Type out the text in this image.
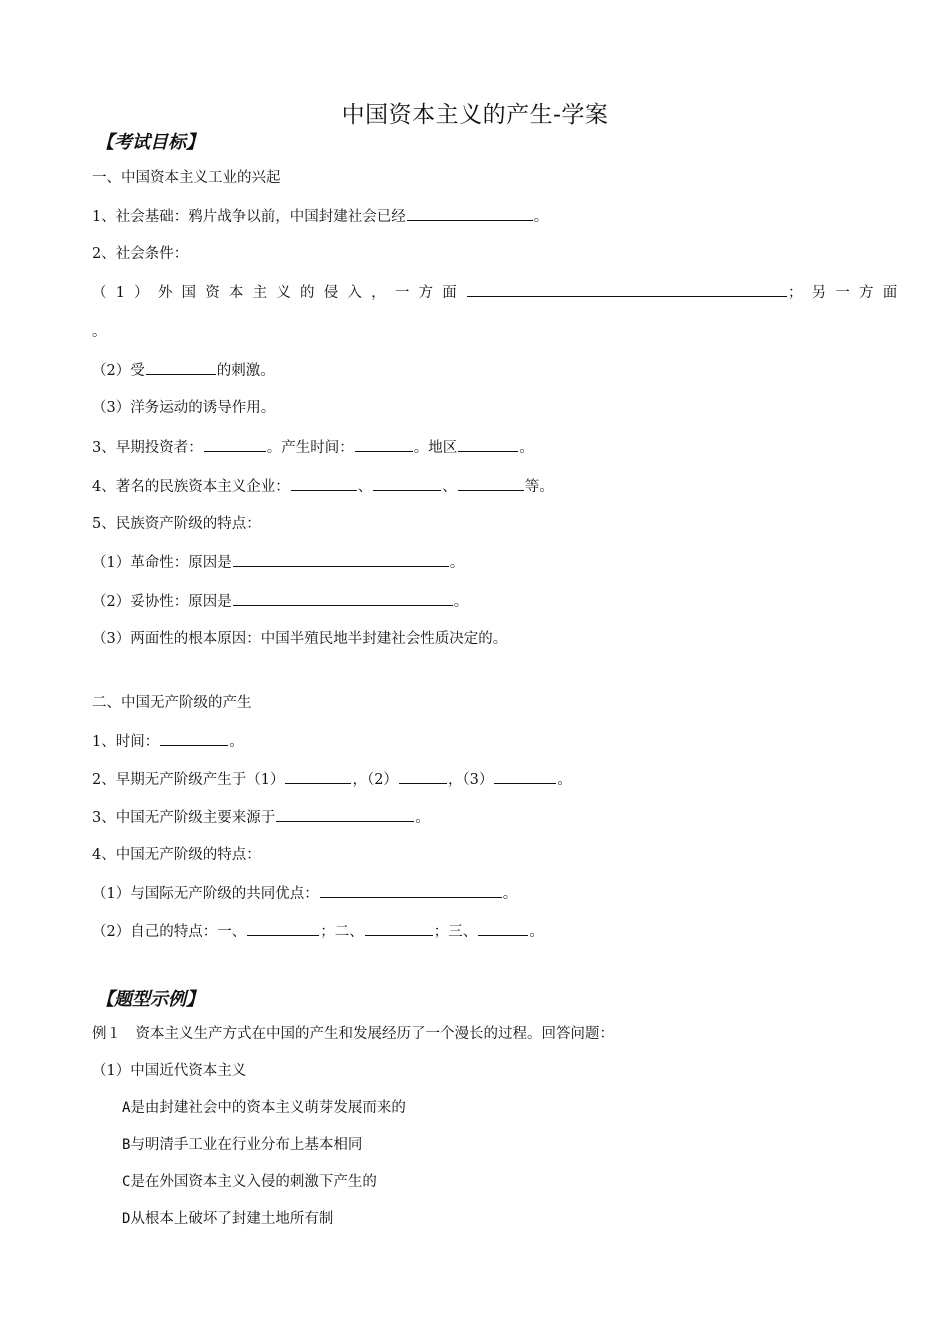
中国资本主义的产生-学案
【考试目标】
一、中国资本主义工业的兴起
1、社会基础：鸦片战争以前，中国封建社会已经	。
2、社会条件：
（1）外国资本主义的侵入，一方面	；另一方面
。
（2）受	的刺激。
（3）洋务运动的诱导作用。
3、早期投资者：	。产生时间：	。地区	。
4、著名的民族资本主义企业：	、	、	等。
5、民族资产阶级的特点：
（1）革命性：原因是	。
（2）妥协性：原因是	。
（3）两面性的根本原因：中国半殖民地半封建社会性质决定的。
二、中国无产阶级的产生
1、时间：	。
2、早期无产阶级产生于（1）	，（2）	，（3）	。
3、中国无产阶级主要来源于	。
4、中国无产阶级的特点：
（1）与国际无产阶级的共同优点：	。
（2）自己的特点：一、	；二、	；三、	。
【题型示例】
例１　资本主义生产方式在中国的产生和发展经历了一个漫长的过程。回答问题：
（1）中国近代资本主义
A是由封建社会中的资本主义萌芽发展而来的
B与明清手工业在行业分布上基本相同
C是在外国资本主义入侵的刺激下产生的
D从根本上破坏了封建土地所有制
